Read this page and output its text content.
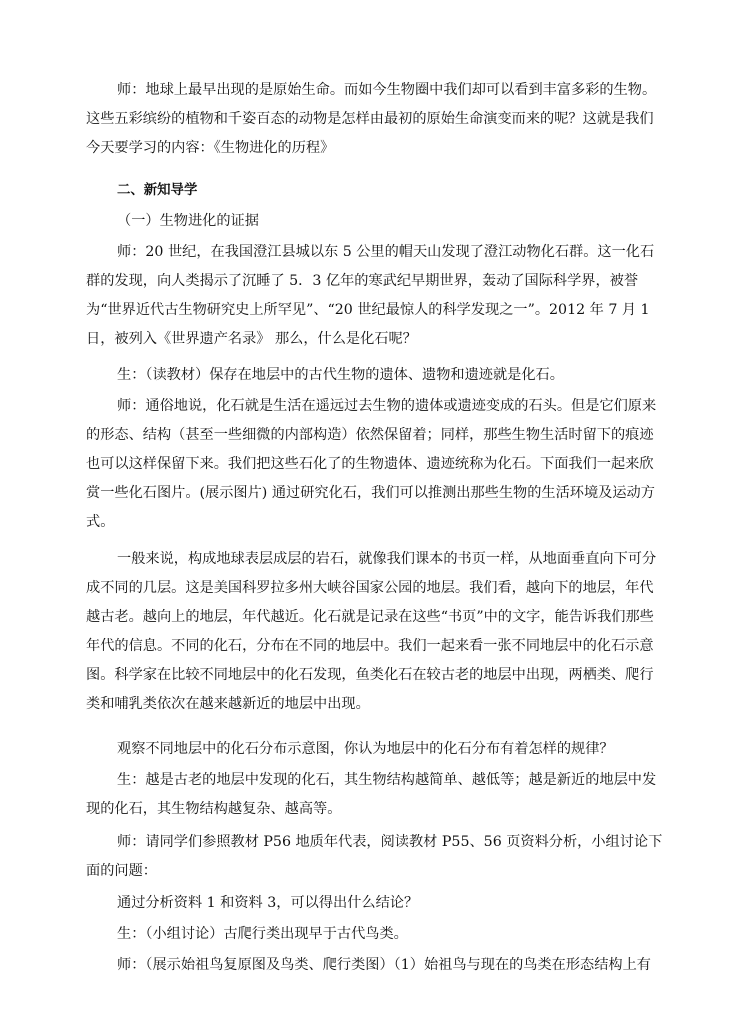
师：地球上最早出现的是原始生命。而如今生物圈中我们却可以看到丰富多彩的生物。这些五彩缤纷的植物和千姿百态的动物是怎样由最初的原始生命演变而来的呢？这就是我们今天要学习的内容：《生物进化的历程》

二、新知导学

（一）生物进化的证据

师：20 世纪，在我国澄江县城以东 5 公里的帽天山发现了澄江动物化石群。这一化石群的发现，向人类揭示了沉睡了 5．3 亿年的寒武纪早期世界，轰动了国际科学界，被誉为“世界近代古生物研究史上所罕见”、“20 世纪最惊人的科学发现之一”。2012 年 7 月 1 日，被列入《世界遗产名录》 那么，什么是化石呢？

生：（读教材）保存在地层中的古代生物的遗体、遗物和遗迹就是化石。

师：通俗地说，化石就是生活在遥远过去生物的遗体或遗迹变成的石头。但是它们原来的形态、结构（甚至一些细微的内部构造）依然保留着；同样，那些生物生活时留下的痕迹也可以这样保留下来。我们把这些石化了的生物遗体、遗迹统称为化石。下面我们一起来欣赏一些化石图片。(展示图片) 通过研究化石，我们可以推测出那些生物的生活环境及运动方式。

一般来说，构成地球表层成层的岩石，就像我们课本的书页一样，从地面垂直向下可分成不同的几层。这是美国科罗拉多州大峡谷国家公园的地层。我们看，越向下的地层，年代越古老。越向上的地层，年代越近。化石就是记录在这些“书页”中的文字，能告诉我们那些年代的信息。不同的化石，分布在不同的地层中。我们一起来看一张不同地层中的化石示意图。科学家在比较不同地层中的化石发现，鱼类化石在较古老的地层中出现，两栖类、爬行类和哺乳类依次在越来越新近的地层中出现。

观察不同地层中的化石分布示意图，你认为地层中的化石分布有着怎样的规律？

生：越是古老的地层中发现的化石，其生物结构越简单、越低等；越是新近的地层中发现的化石，其生物结构越复杂、越高等。

师：请同学们参照教材 P56 地质年代表，阅读教材 P55、56 页资料分析，小组讨论下面的问题：

通过分析资料 1 和资料 3，可以得出什么结论？

生：（小组讨论）古爬行类出现早于古代鸟类。

师：（展示始祖鸟复原图及鸟类、爬行类图）（1）始祖鸟与现在的鸟类在形态结构上有
